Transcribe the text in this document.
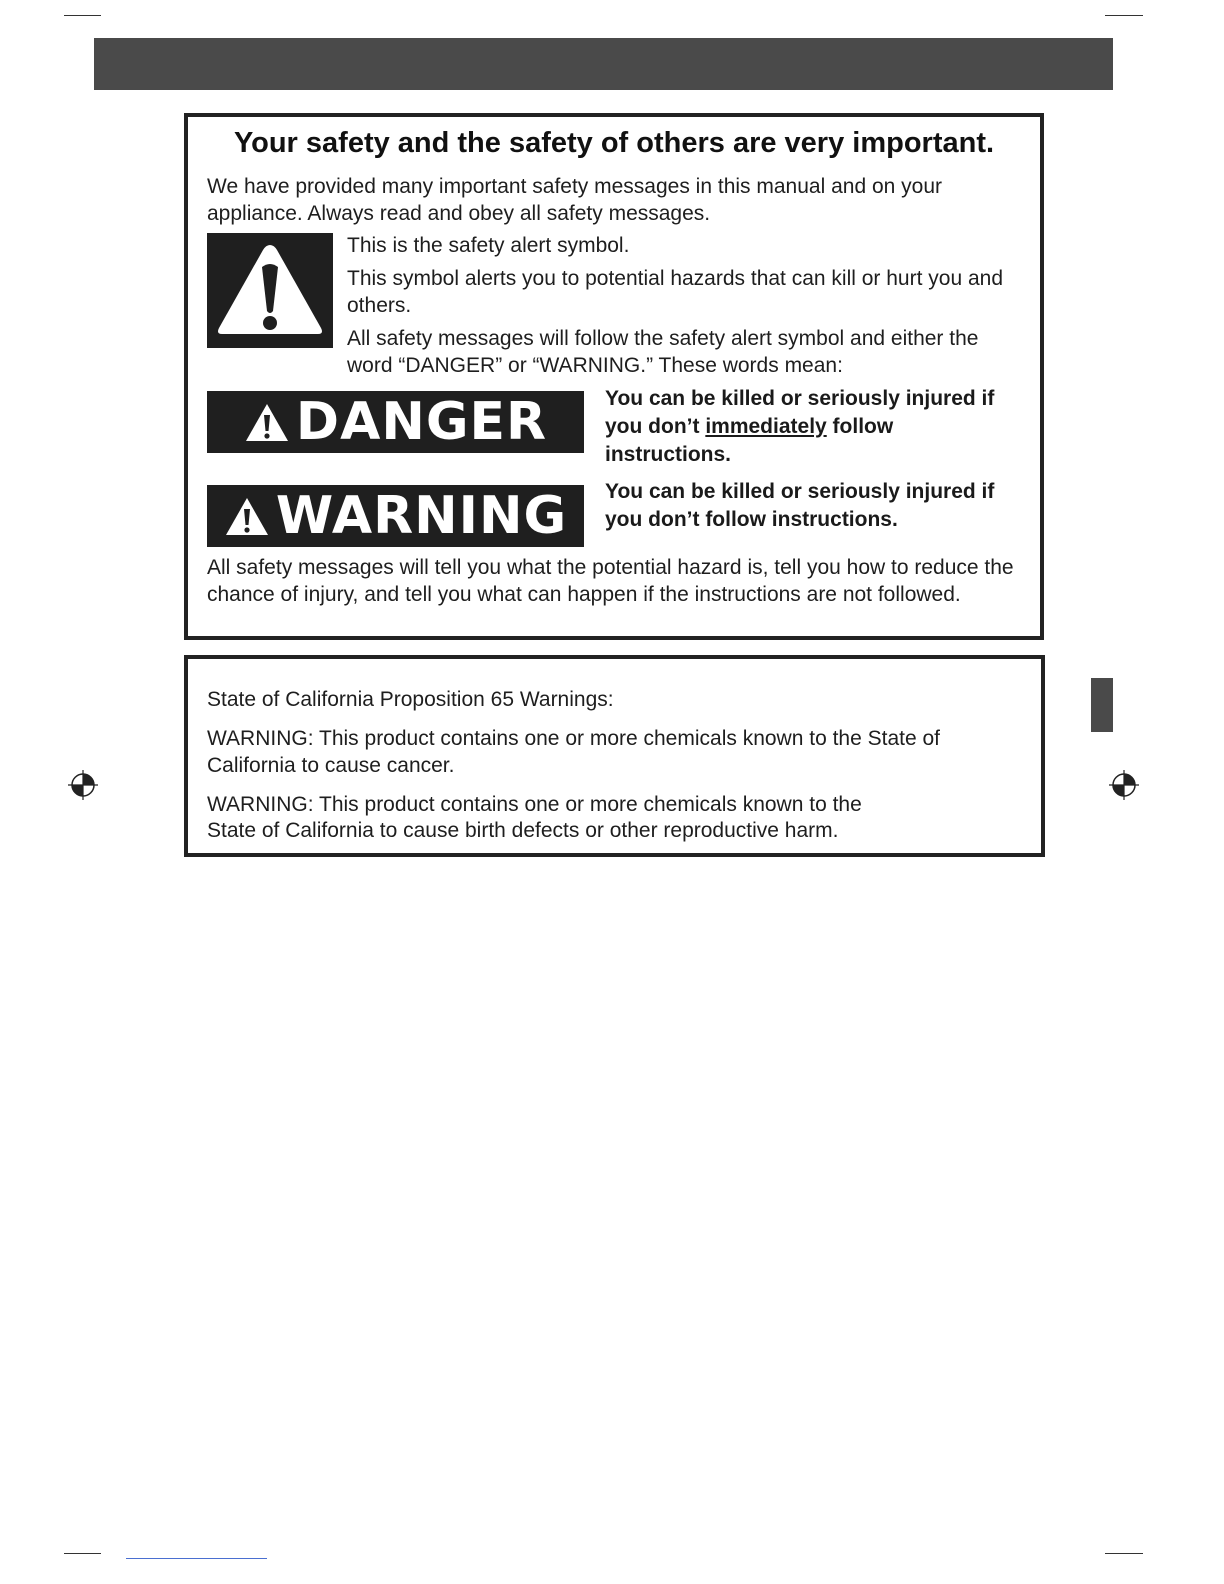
Your safety and the safety of others are very important.
We have provided many important safety messages in this manual and on your appliance. Always read and obey all safety messages.
This is the safety alert symbol.
This symbol alerts you to potential hazards that can kill or hurt you and others.
All safety messages will follow the safety alert symbol and either the word “DANGER” or “WARNING.” These words mean:
DANGER	You can be killed or seriously injured if you don’t immediately follow instructions.
WARNING You can be killed or seriously injured if you don’t follow instructions.
All safety messages will tell you what the potential hazard is, tell you how to reduce the chance of injury, and tell you what can happen if the instructions are not followed.
State of California Proposition 65 Warnings:
WARNING: This product contains one or more chemicals known to the State of California to cause cancer.
WARNING: This product contains one or more chemicals known to the
State of California to cause birth defects or other reproductive harm.
